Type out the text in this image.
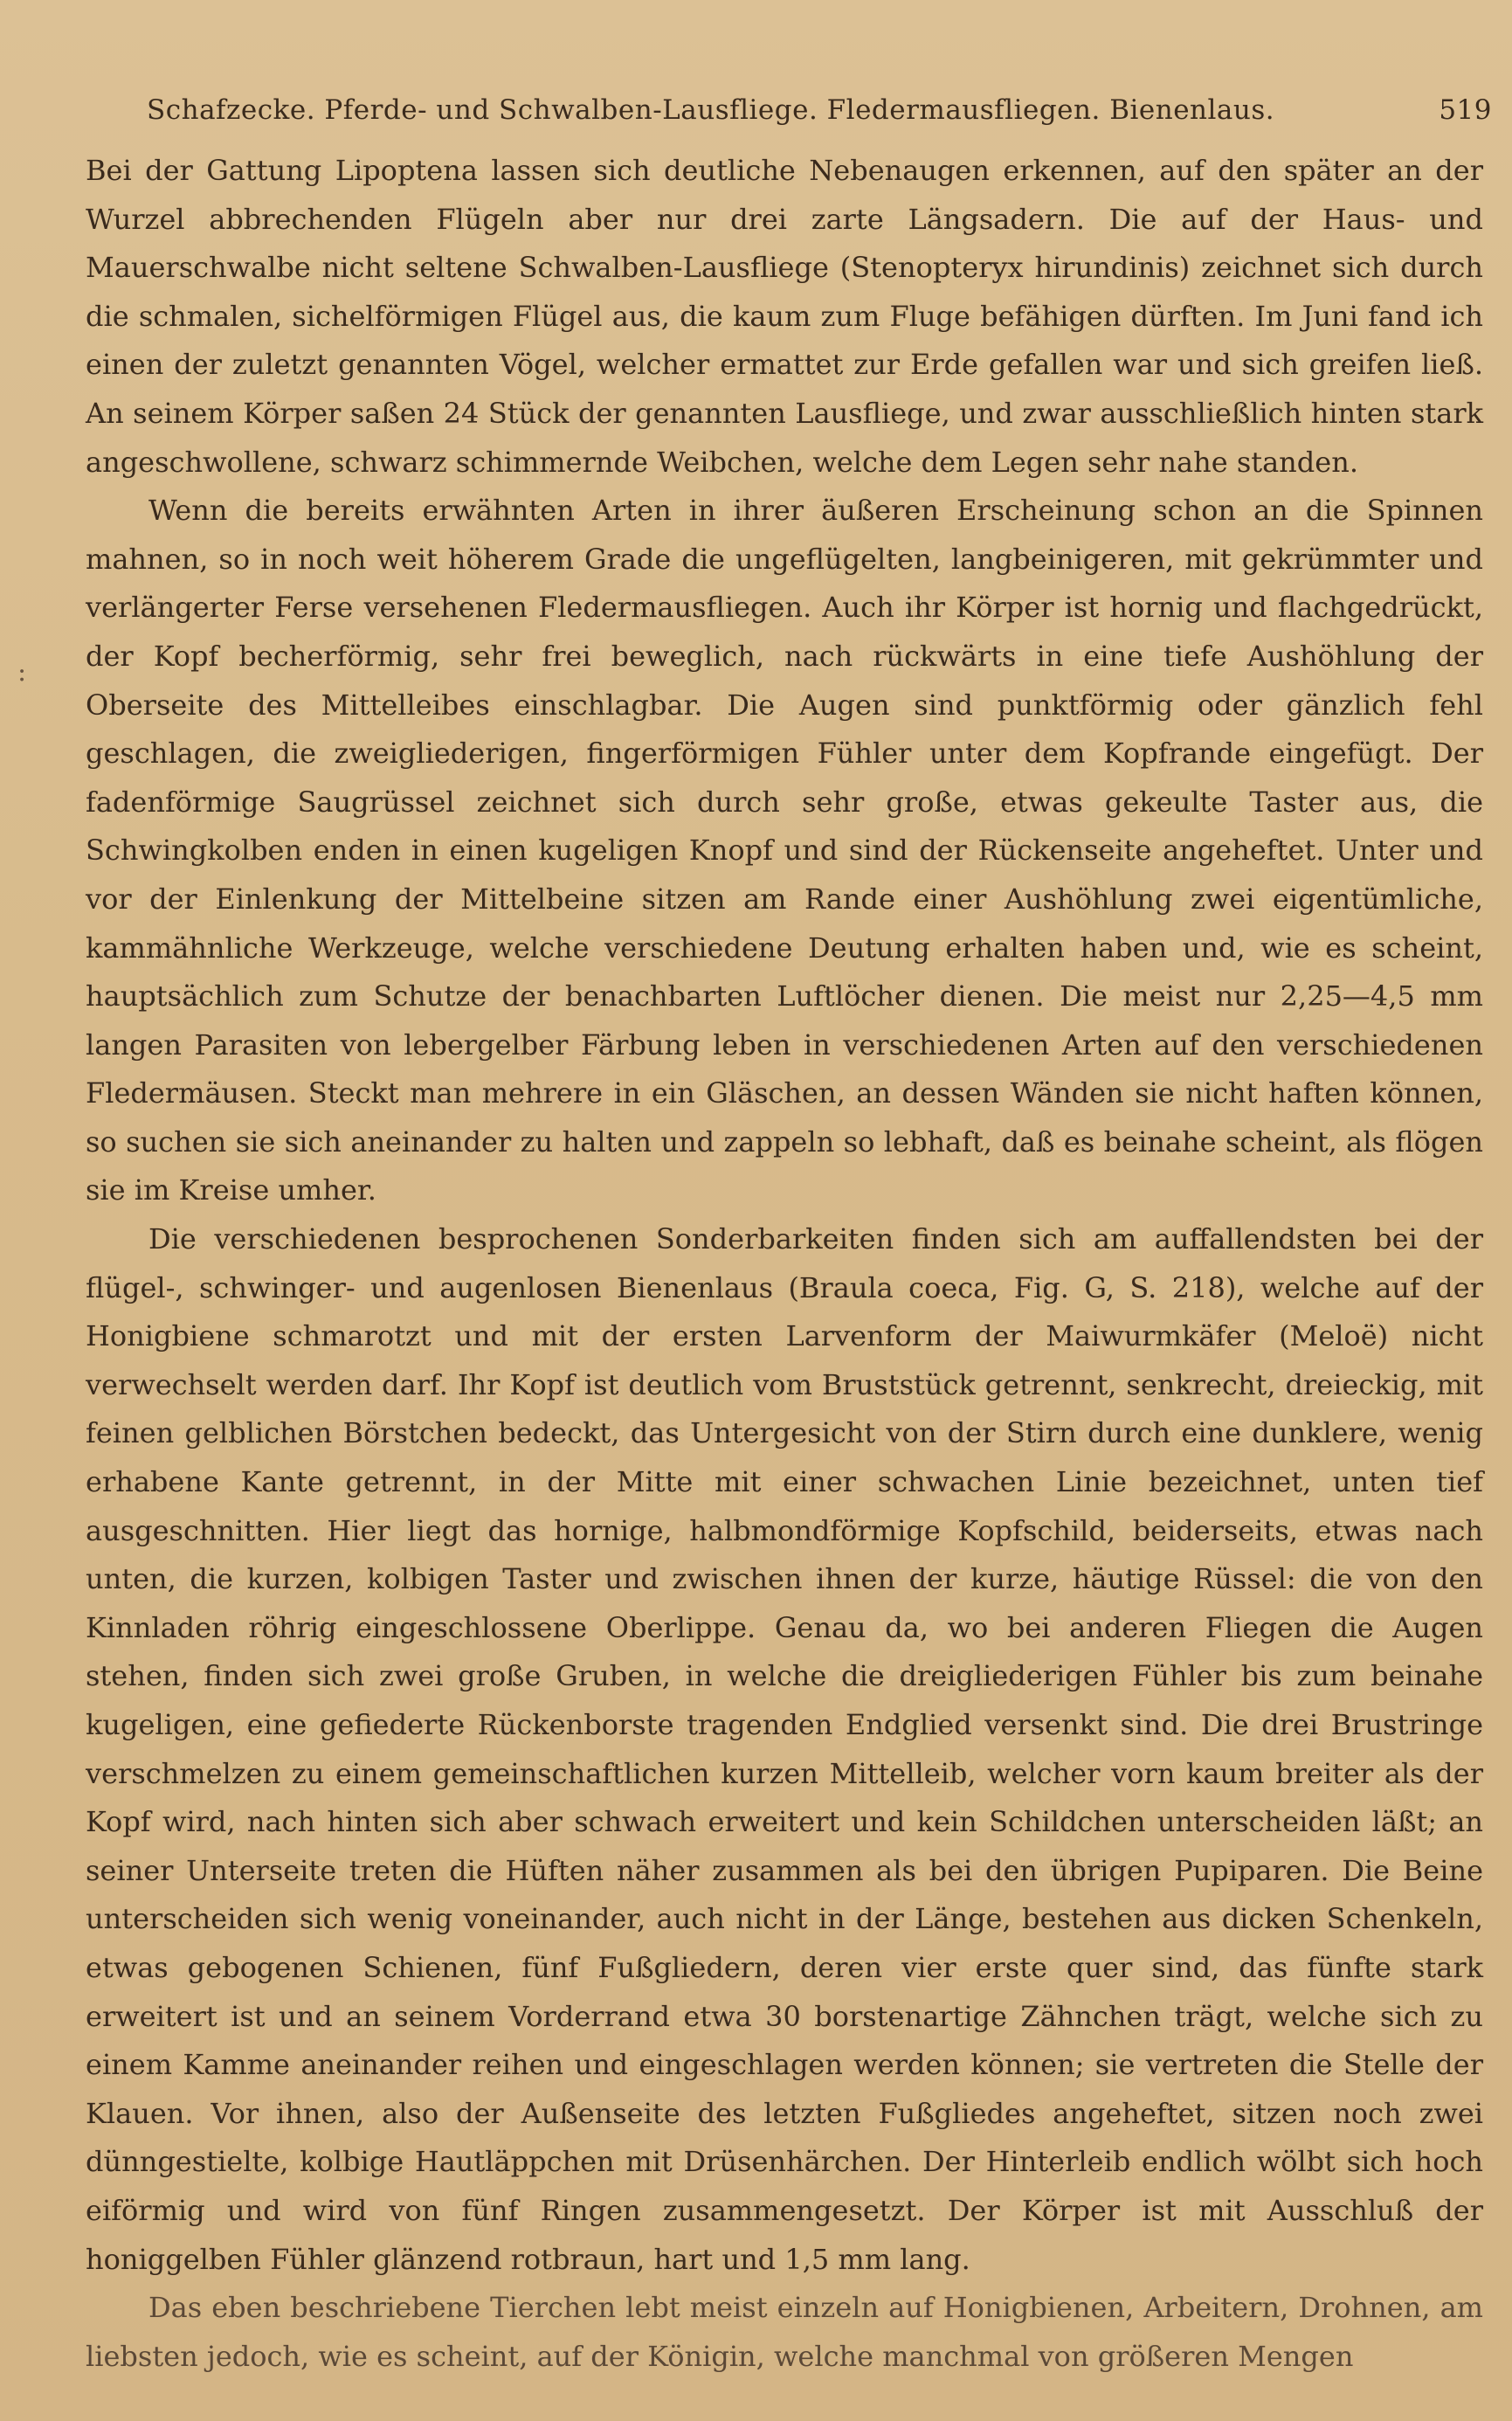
Schafzecke. Pferde- und Schwalben-Lausfliege. Fledermausfliegen. Bienenlaus.	519
:

Bei der Gattung Lipoptena lassen sich deutliche Nebenaugen erkennen, auf den später an der Wurzel abbrechenden Flügeln aber nur drei zarte Längsadern. Die auf der Haus- und Mauerschwalbe nicht seltene Schwalben-Lausfliege (Stenopteryx hirundinis) zeichnet sich durch die schmalen, sichelförmigen Flügel aus, die kaum zum Fluge befähigen dürften. Im Juni fand ich einen der zuletzt genannten Vögel, welcher ermattet zur Erde gefallen war und sich greifen ließ. An seinem Körper saßen 24 Stück der genannten Lausfliege, und zwar ausschließlich hinten stark angeschwollene, schwarz schimmernde Weibchen, welche dem Legen sehr nahe standen.

Wenn die bereits erwähnten Arten in ihrer äußeren Erscheinung schon an die Spinnen mahnen, so in noch weit höherem Grade die ungeflügelten, langbeinigeren, mit gekrümmter und verlängerter Ferse versehenen Fledermausfliegen. Auch ihr Körper ist hornig und flachgedrückt, der Kopf becherförmig, sehr frei beweglich, nach rückwärts in eine tiefe Aushöhlung der Oberseite des Mittelleibes einschlagbar. Die Augen sind punktförmig oder gänzlich fehl geschlagen, die zweigliederigen, fingerförmigen Fühler unter dem Kopfrande eingefügt. Der fadenförmige Saugrüssel zeichnet sich durch sehr große, etwas gekeulte Taster aus, die Schwingkolben enden in einen kugeligen Knopf und sind der Rückenseite angeheftet. Unter und vor der Einlenkung der Mittelbeine sitzen am Rande einer Aushöhlung zwei eigentümliche, kammähnliche Werkzeuge, welche verschiedene Deutung erhalten haben und, wie es scheint, hauptsächlich zum Schutze der benachbarten Luftlöcher dienen. Die meist nur 2,25—4,5 mm langen Parasiten von lebergelber Färbung leben in verschiedenen Arten auf den verschiedenen Fledermäusen. Steckt man mehrere in ein Gläschen, an dessen Wänden sie nicht haften können, so suchen sie sich aneinander zu halten und zappeln so lebhaft, daß es beinahe scheint, als flögen sie im Kreise umher.

Die verschiedenen besprochenen Sonderbarkeiten finden sich am auffallendsten bei der flügel-, schwinger- und augenlosen Bienenlaus (Braula coeca, Fig. G, S. 218), welche auf der Honigbiene schmarotzt und mit der ersten Larvenform der Maiwurmkäfer (Meloë) nicht verwechselt werden darf. Ihr Kopf ist deutlich vom Bruststück getrennt, senkrecht, dreieckig, mit feinen gelblichen Börstchen bedeckt, das Untergesicht von der Stirn durch eine dunklere, wenig erhabene Kante getrennt, in der Mitte mit einer schwachen Linie bezeichnet, unten tief ausgeschnitten. Hier liegt das hornige, halbmondförmige Kopfschild, beiderseits, etwas nach unten, die kurzen, kolbigen Taster und zwischen ihnen der kurze, häutige Rüssel: die von den Kinnladen röhrig eingeschlossene Oberlippe. Genau da, wo bei anderen Fliegen die Augen stehen, finden sich zwei große Gruben, in welche die dreigliederigen Fühler bis zum beinahe kugeligen, eine gefiederte Rückenborste tragenden Endglied versenkt sind. Die drei Brustringe verschmelzen zu einem gemeinschaftlichen kurzen Mittelleib, welcher vorn kaum breiter als der Kopf wird, nach hinten sich aber schwach erweitert und kein Schildchen unterscheiden läßt; an seiner Unterseite treten die Hüften näher zusammen als bei den übrigen Pupiparen. Die Beine unterscheiden sich wenig voneinander, auch nicht in der Länge, bestehen aus dicken Schenkeln, etwas gebogenen Schienen, fünf Fußgliedern, deren vier erste quer sind, das fünfte stark erweitert ist und an seinem Vorderrand etwa 30 borstenartige Zähnchen trägt, welche sich zu einem Kamme aneinander reihen und eingeschlagen werden können; sie vertreten die Stelle der Klauen. Vor ihnen, also der Außenseite des letzten Fußgliedes angeheftet, sitzen noch zwei dünngestielte, kolbige Hautläppchen mit Drüsenhärchen. Der Hinterleib endlich wölbt sich hoch eiförmig und wird von fünf Ringen zusammengesetzt. Der Körper ist mit Ausschluß der honiggelben Fühler glänzend rotbraun, hart und 1,5 mm lang.

Das eben beschriebene Tierchen lebt meist einzeln auf Honigbienen, Arbeitern, Drohnen, am liebsten jedoch, wie es scheint, auf der Königin, welche manchmal von größeren Mengen
